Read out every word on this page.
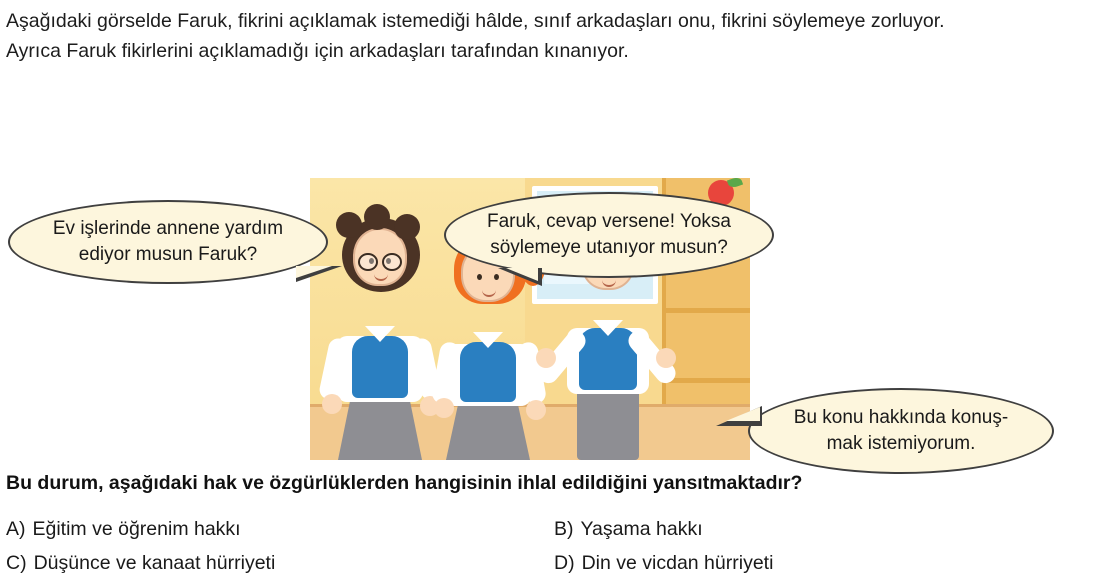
Aşağıdaki görselde Faruk, fikrini açıklamak istemediği hâlde, sınıf arkadaşları onu, fikrini söylemeye zorluyor.
Ayrıca Faruk fikirlerini açıklamadığı için arkadaşları tarafından kınanıyor.
Ev işlerinde annene yardım
ediyor musun Faruk?
Faruk, cevap versene! Yoksa
söylemeye utanıyor musun?
Bu konu hakkında konuş-
mak istemiyorum.
Bu durum, aşağıdaki hak ve özgürlüklerden hangisinin ihlal edildiğini yansıtmaktadır?
A) Eğitim ve öğrenim hakkı	B) Yaşama hakkı
C) Düşünce ve kanaat hürriyeti	D) Din ve vicdan hürriyeti
